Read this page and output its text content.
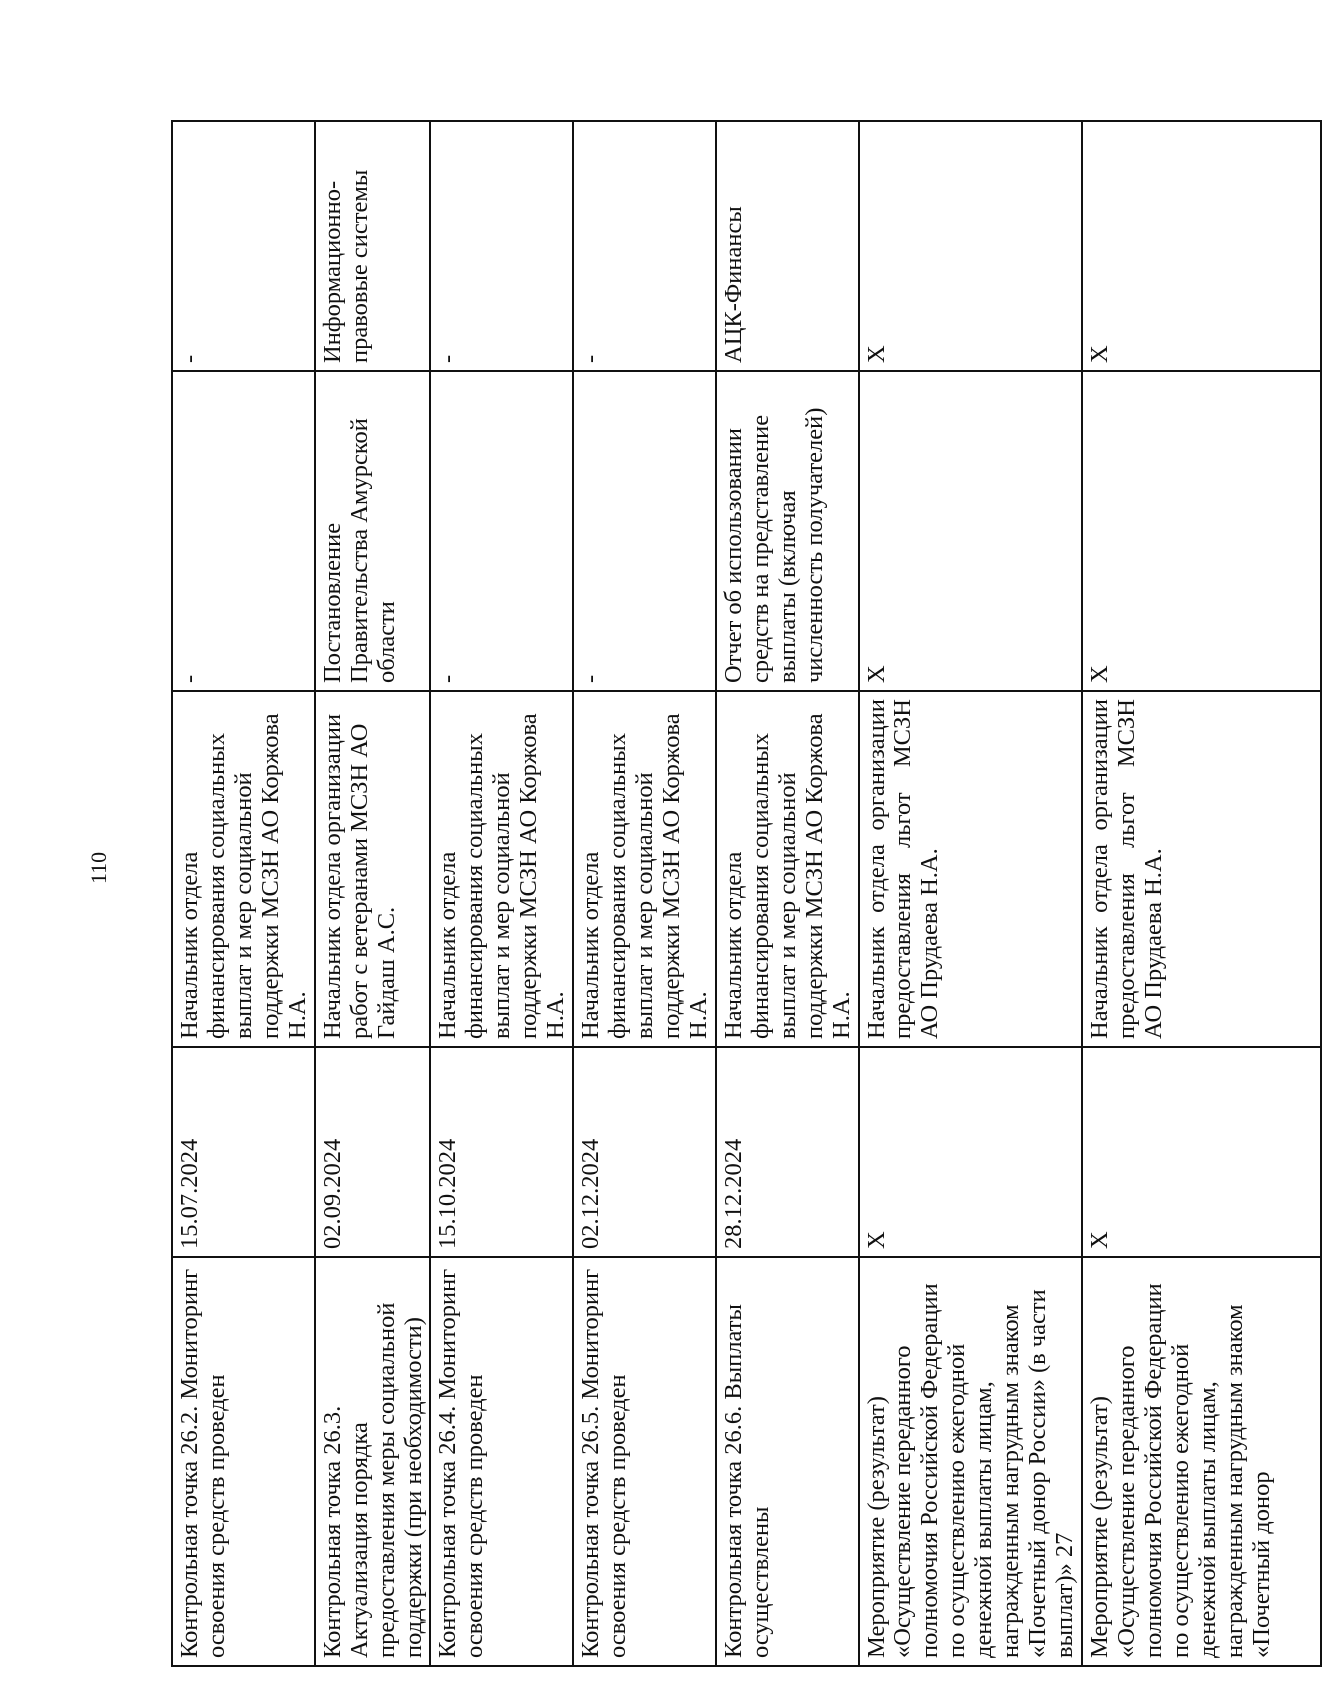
110
Контрольная точка 26.2. Мониторинг освоения средств проведен	15.07.2024	Начальник отдела финансирования социальных выплат и мер социальной поддержки МСЗН АО Коржова Н.А.	-	-
Контрольная точка 26.3. Актуализация порядка предоставления меры социальной поддержки (при необходимости)	02.09.2024	Начальник отдела организации работ с ветеранами МСЗН АО Гайдаш А.С.	Постановление Правительства Амурской области	Информационно-правовые системы
Контрольная точка 26.4. Мониторинг освоения средств проведен	15.10.2024	Начальник отдела финансирования социальных выплат и мер социальной поддержки МСЗН АО Коржова Н.А.	-	-
Контрольная точка 26.5. Мониторинг освоения средств проведен	02.12.2024	Начальник отдела финансирования социальных выплат и мер социальной поддержки МСЗН АО Коржова Н.А.	-	-
Контрольная точка 26.6. Выплаты осуществлены	28.12.2024	Начальник отдела финансирования социальных выплат и мер социальной поддержки МСЗН АО Коржова Н.А.	Отчет об использовании средств на представление выплаты (включая численность получателей)	АЦК-Финансы
Мероприятие (результат) «Осуществление переданного полномочия Российской Федерации по осуществлению ежегодной денежной выплаты лицам, награжденным нагрудным знаком «Почетный донор России» (в части выплат)» 27	Х	Начальник отдела организации предоставления льгот МСЗН АО Прудаева Н.А.	Х	Х
Мероприятие (результат) «Осуществление переданного полномочия Российской Федерации по осуществлению ежегодной денежной выплаты лицам, награжденным нагрудным знаком «Почетный донор	Х	Начальник отдела организации предоставления льгот МСЗН АО Прудаева Н.А.	Х	Х
